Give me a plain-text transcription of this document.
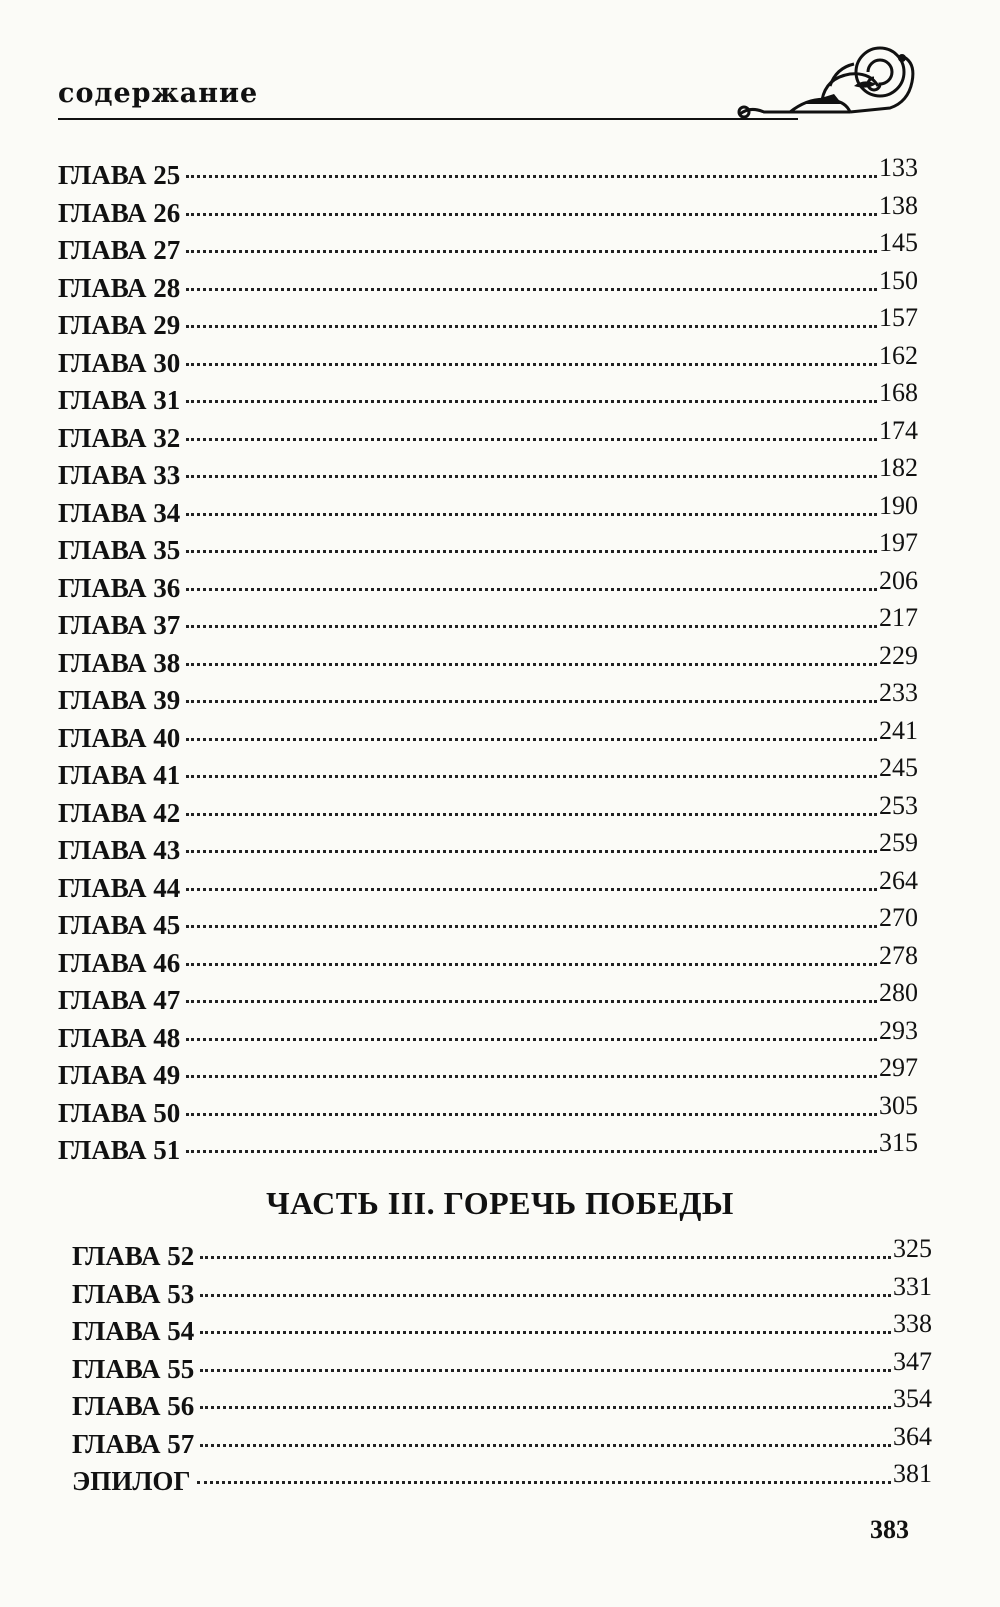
содержание
ГЛАВА 25	133
ГЛАВА 26	138
ГЛАВА 27	145
ГЛАВА 28	150
ГЛАВА 29	157
ГЛАВА 30	162
ГЛАВА 31	168
ГЛАВА 32	174
ГЛАВА 33	182
ГЛАВА 34	190
ГЛАВА 35	197
ГЛАВА 36	206
ГЛАВА 37	217
ГЛАВА 38	229
ГЛАВА 39	233
ГЛАВА 40	241
ГЛАВА 41	245
ГЛАВА 42	253
ГЛАВА 43	259
ГЛАВА 44	264
ГЛАВА 45	270
ГЛАВА 46	278
ГЛАВА 47	280
ГЛАВА 48	293
ГЛАВА 49	297
ГЛАВА 50	305
ГЛАВА 51	315
ЧАСТЬ III. ГОРЕЧЬ ПОБЕДЫ
ГЛАВА 52	325
ГЛАВА 53	331
ГЛАВА 54	338
ГЛАВА 55	347
ГЛАВА 56	354
ГЛАВА 57	364
ЭПИЛОГ	381
383
